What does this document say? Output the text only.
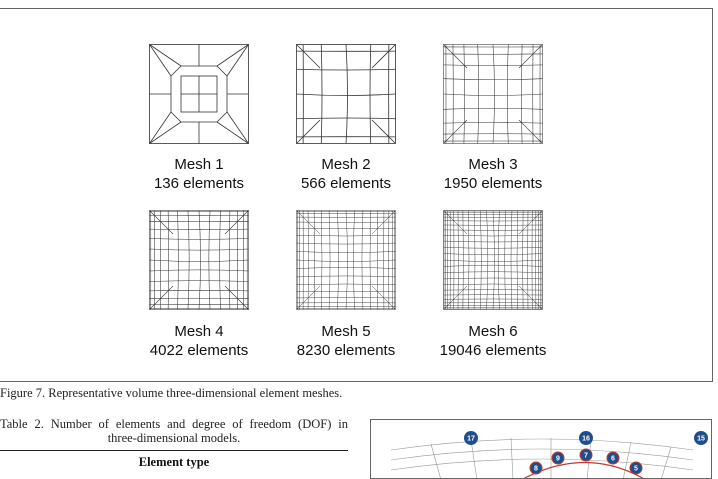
Mesh 1
136 elements
Mesh 2
566 elements
Mesh 3
1950 elements
Mesh 4
4022 elements
Mesh 5
8230 elements
Mesh 6
19046 elements
Figure 7. Representative volume three-dimensional element meshes.
Table 2. Number of elements and degree of freedom (DOF) in
three-dimensional models.
Element type
17	16	15
9	7	6
8	5
